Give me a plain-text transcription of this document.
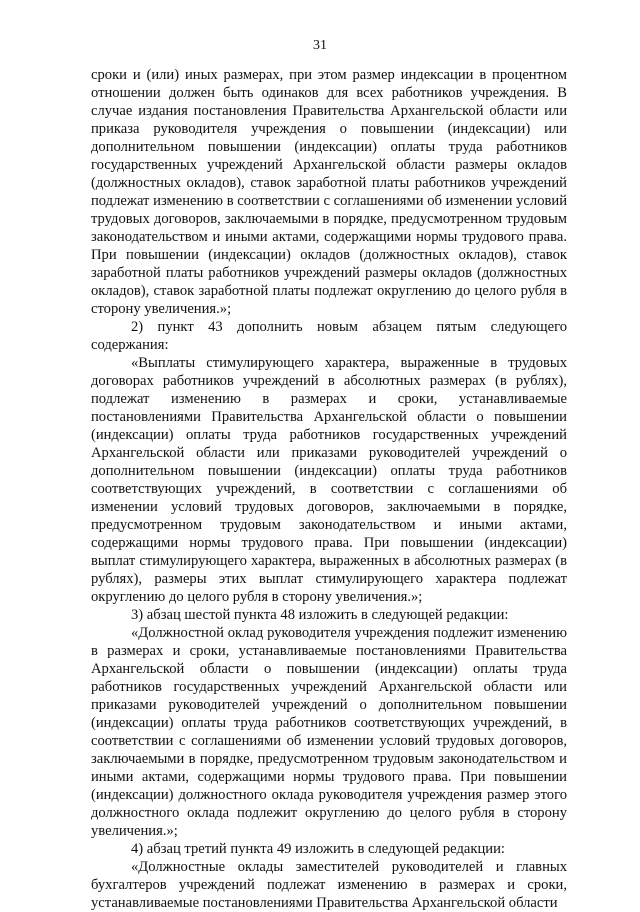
31

сроки и (или) иных размерах, при этом размер индексации в процентном отношении должен быть одинаков для всех работников учреждения. В случае издания постановления Правительства Архангельской области или приказа руководителя учреждения о повышении (индексации) или дополнительном повышении (индексации) оплаты труда работников государственных учреждений Архангельской области размеры окладов (должностных окладов), ставок заработной платы работников учреждений подлежат изменению в соответствии с соглашениями об изменении условий трудовых договоров, заключаемыми в порядке, предусмотренном трудовым законодательством и иными актами, содержащими нормы трудового права. При повышении (индексации) окладов (должностных окладов), ставок заработной платы работников учреждений размеры окладов (должностных окладов), ставок заработной платы подлежат округлению до целого рубля в сторону увеличения.»;

2) пункт 43 дополнить новым абзацем пятым следующего содержания:

«Выплаты стимулирующего характера, выраженные в трудовых договорах работников учреждений в абсолютных размерах (в рублях), подлежат изменению в размерах и сроки, устанавливаемые постановлениями Правительства Архангельской области о повышении (индексации) оплаты труда работников государственных учреждений Архангельской области или приказами руководителей учреждений о дополнительном повышении (индексации) оплаты труда работников соответствующих учреждений, в соответствии с соглашениями об изменении условий трудовых договоров, заключаемыми в порядке, предусмотренном трудовым законодательством и иными актами, содержащими нормы трудового права. При повышении (индексации) выплат стимулирующего характера, выраженных в абсолютных размерах (в рублях), размеры этих выплат стимулирующего характера подлежат округлению до целого рубля в сторону увеличения.»;

3) абзац шестой пункта 48 изложить в следующей редакции:

«Должностной оклад руководителя учреждения подлежит изменению в размерах и сроки, устанавливаемые постановлениями Правительства Архангельской области о повышении (индексации) оплаты труда работников государственных учреждений Архангельской области или приказами руководителей учреждений о дополнительном повышении (индексации) оплаты труда работников соответствующих учреждений, в соответствии с соглашениями об изменении условий трудовых договоров, заключаемыми в порядке, предусмотренном трудовым законодательством и иными актами, содержащими нормы трудового права. При повышении (индексации) должностного оклада руководителя учреждения размер этого должностного оклада подлежит округлению до целого рубля в сторону увеличения.»;

4) абзац третий пункта 49 изложить в следующей редакции:

«Должностные оклады заместителей руководителей и главных бухгалтеров учреждений подлежат изменению в размерах и сроки, устанавливаемые постановлениями Правительства Архангельской области
